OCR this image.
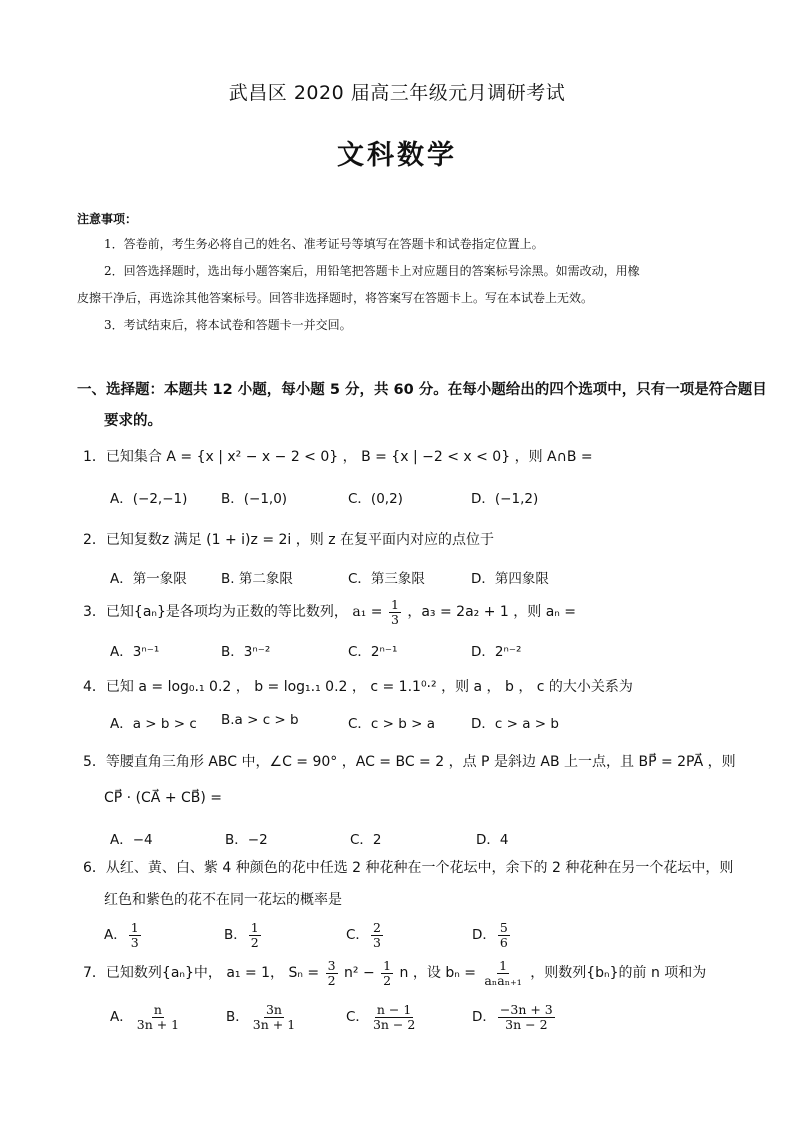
武昌区 2020 届高三年级元月调研考试
文科数学
注意事项：
1．答卷前，考生务必将自己的姓名、准考证号等填写在答题卡和试卷指定位置上。
2．回答选择题时，选出每小题答案后，用铅笔把答题卡上对应题目的答案标号涂黑。如需改动，用橡
皮擦干净后，再选涂其他答案标号。回答非选择题时，将答案写在答题卡上。写在本试卷上无效。
3．考试结束后，将本试卷和答题卡一并交回。
一、选择题：本题共 12 小题，每小题 5 分，共 60 分。在每小题给出的四个选项中，只有一项是符合题目
要求的。
1．已知集合 A = {x | x² − x − 2 < 0} ， B = {x | −2 < x < 0} ，则 A∩B =
A．(−2,−1) B．(−1,0)	C．(0,2)	D．(−1,2)
2．已知复数z 满足 (1 + i)z = 2i ，则 z 在复平面内对应的点位于
A．第一象限	B. 第二象限	C．第三象限	D．第四象限
3．已知{aₙ}是各项均为正数的等比数列， $a_1 = \frac{1}{3}$ ，a₃ = 2a₂ + 1 ，则 aₙ =
A．3ⁿ⁻¹	B．3ⁿ⁻²	C．2ⁿ⁻¹	D．2ⁿ⁻²
4．已知 a = log₀.₁ 0.2 ， b = log₁.₁ 0.2 ， c = 1.1⁰·² ，则 a ， b ， c 的大小关系为
A．a > b > c B.a > c > b	C．c > b > a	D．c > a > b
5．等腰直角三角形 ABC 中，∠C = 90° ，AC = BC = 2 ，点 P 是斜边 AB 上一点，且 BP⃗ = 2PA⃗ ，则
CP⃗ · (CA⃗ + CB⃗) =
A．−4	B．−2	C．2	D．4
6．从红、黄、白、紫 4 种颜色的花中任选 2 种花种在一个花坛中，余下的 2 种花种在另一个花坛中，则
红色和紫色的花不在同一花坛的概率是
A． $\frac{1}{3}$	B． $\frac{1}{2}$	C． $\frac{2}{3}$	D． $\frac{5}{6}$
7．已知数列{aₙ}中， a₁ = 1， $S_n = \frac{3}{2} n^2 - \frac{1}{2}$ n ，设 $b_n = \frac{1}{\text{aₙaₙ₊₁}}$ ，则数列{bₙ}的前 n 项和为
A． $\frac{n}{3n + 1}$	B． $\frac{3n}{3n + 1}$	C． $\frac{n - 1}{3n - 2}$	D． $\frac{-3n + 3}{3n - 2}$
